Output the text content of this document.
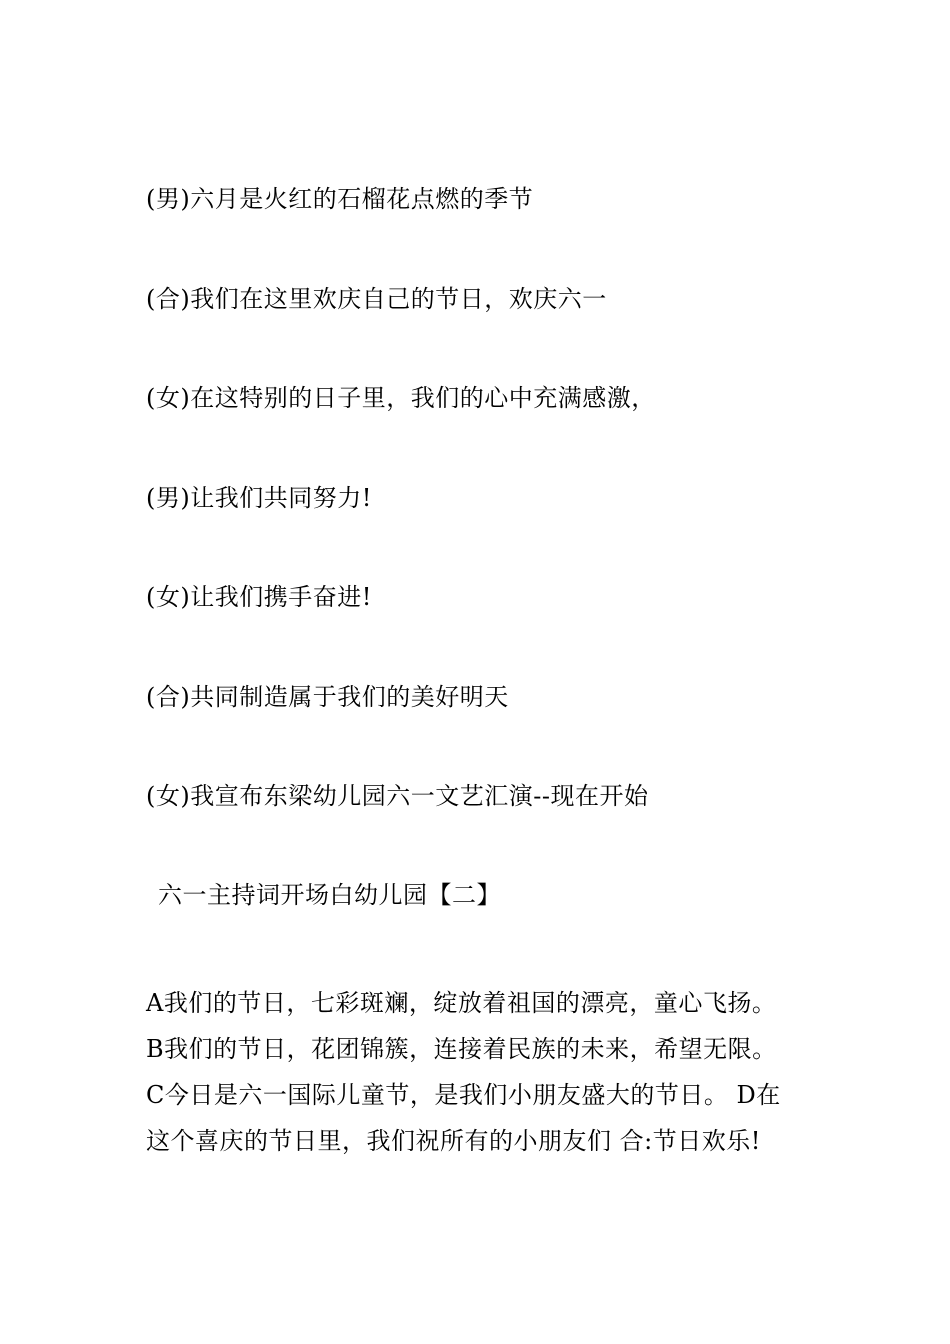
(男)六月是火红的石榴花点燃的季节
(合)我们在这里欢庆自己的节日，欢庆六一
(女)在这特别的日子里，我们的心中充满感激，
(男)让我们共同努力!
(女)让我们携手奋进!
(合)共同制造属于我们的美好明天
(女)我宣布东梁幼儿园六一文艺汇演--现在开始
六一主持词开场白幼儿园【二】
A我们的节日，七彩斑斓，绽放着祖国的漂亮，童心飞扬。
B我们的节日，花团锦簇，连接着民族的未来，希望无限。
C今日是六一国际儿童节，是我们小朋友盛大的节日。 D在
这个喜庆的节日里，我们祝所有的小朋友们 合:节日欢乐!
